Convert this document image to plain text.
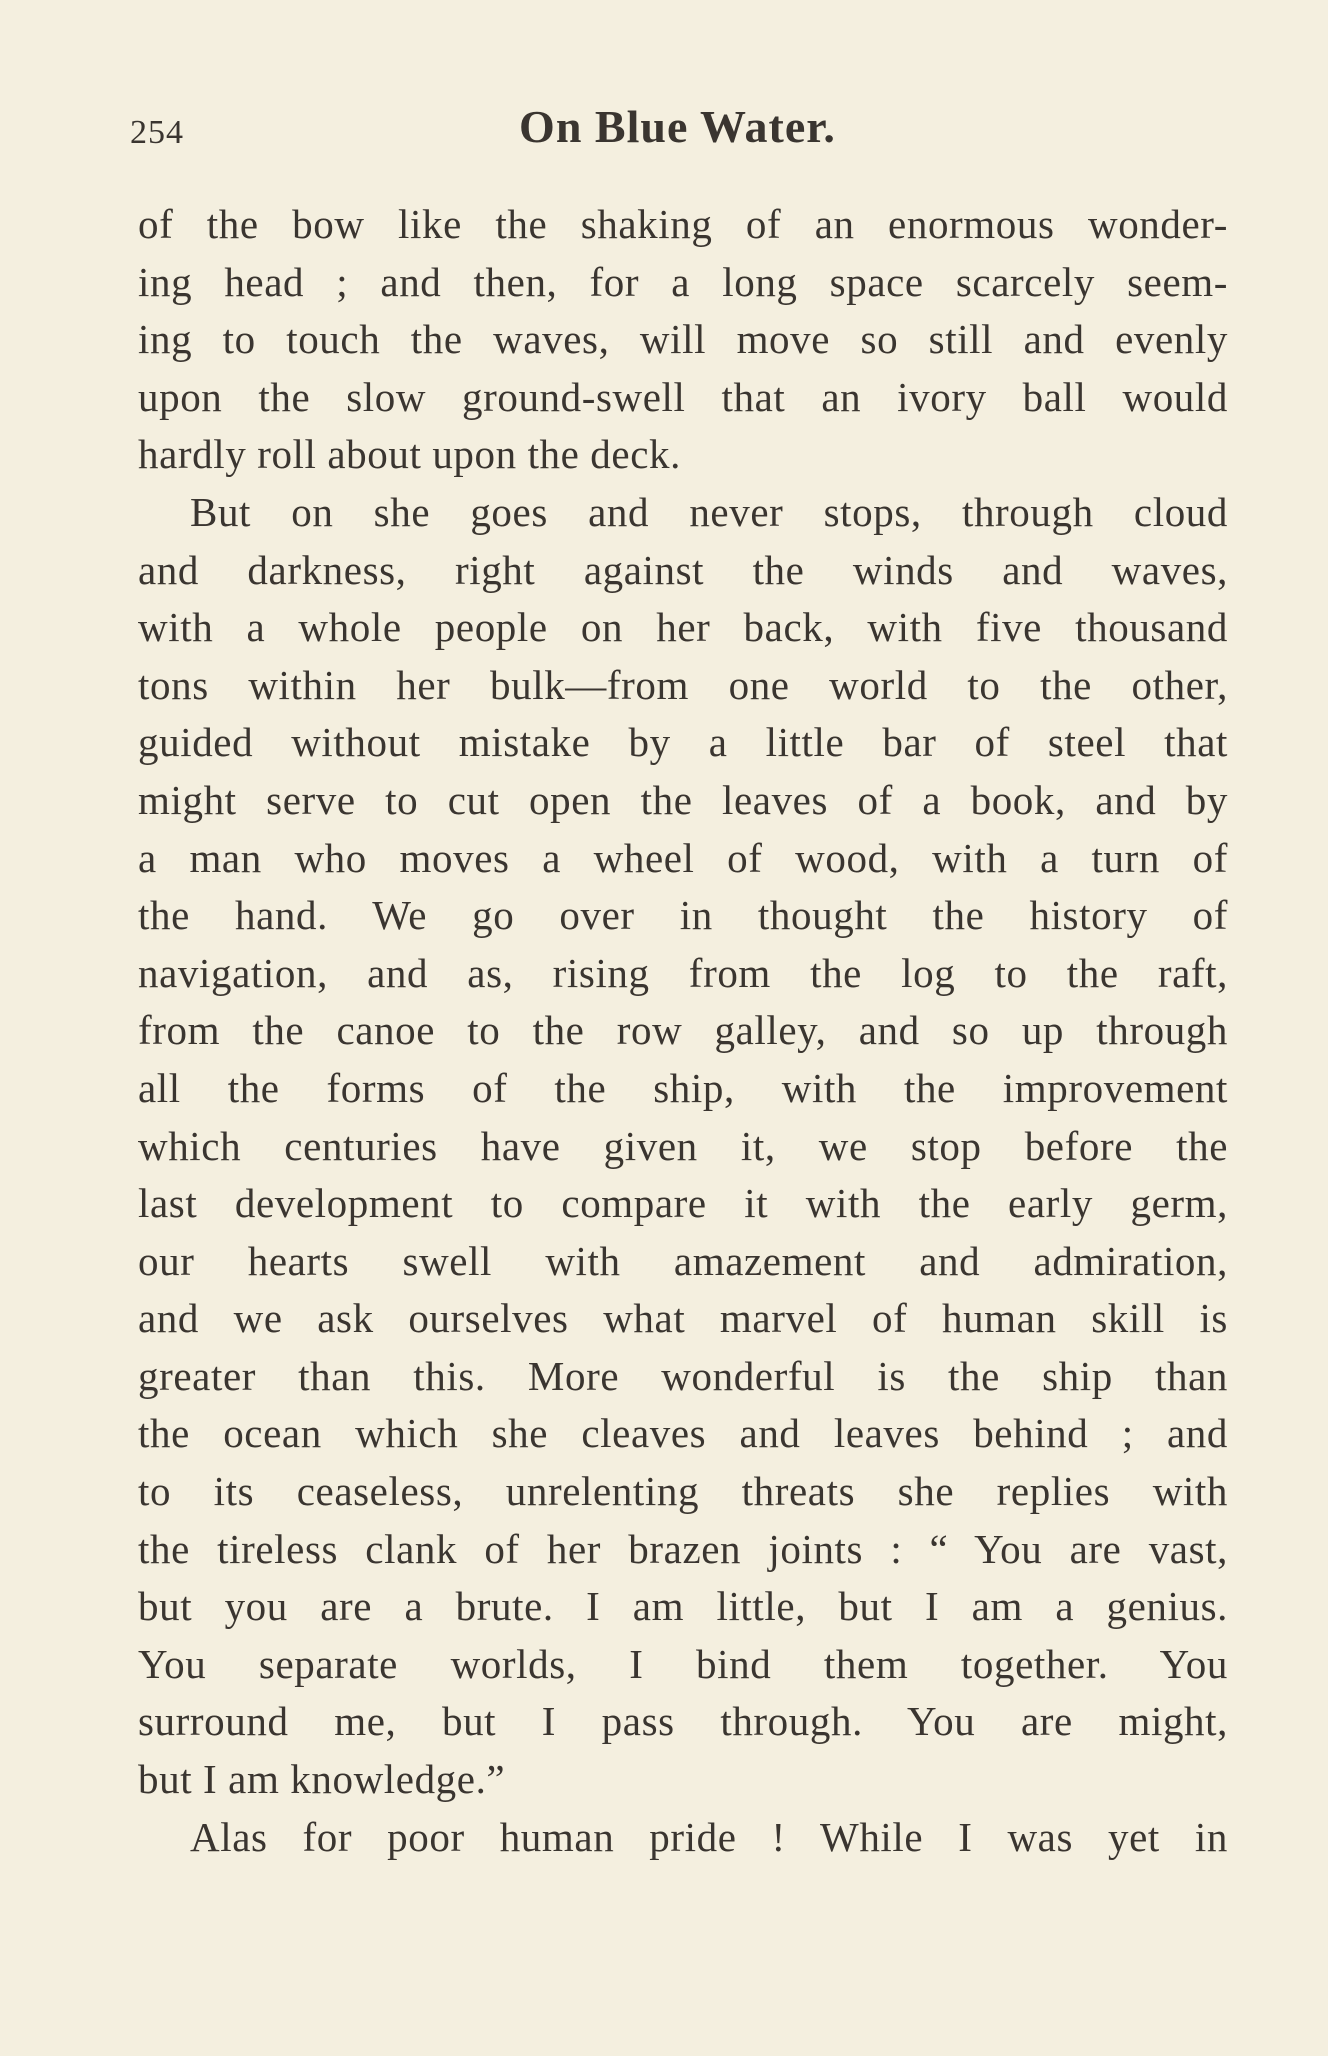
254	On Blue Water.
of the bow like the shaking of an enormous wonder-
ing head ; and then, for a long space scarcely seem-
ing to touch the waves, will move so still and evenly
upon the slow ground-swell that an ivory ball would
hardly roll about upon the deck.
But on she goes and never stops, through cloud
and darkness, right against the winds and waves,
with a whole people on her back, with five thousand
tons within her bulk—from one world to the other,
guided without mistake by a little bar of steel that
might serve to cut open the leaves of a book, and by
a man who moves a wheel of wood, with a turn of
the hand. We go over in thought the history of
navigation, and as, rising from the log to the raft,
from the canoe to the row galley, and so up through
all the forms of the ship, with the improvement
which centuries have given it, we stop before the
last development to compare it with the early germ,
our hearts swell with amazement and admiration,
and we ask ourselves what marvel of human skill is
greater than this. More wonderful is the ship than
the ocean which she cleaves and leaves behind ; and
to its ceaseless, unrelenting threats she replies with
the tireless clank of her brazen joints : “ You are vast,
but you are a brute. I am little, but I am a genius.
You separate worlds, I bind them together. You
surround me, but I pass through. You are might,
but I am knowledge.”
Alas for poor human pride ! While I was yet in
